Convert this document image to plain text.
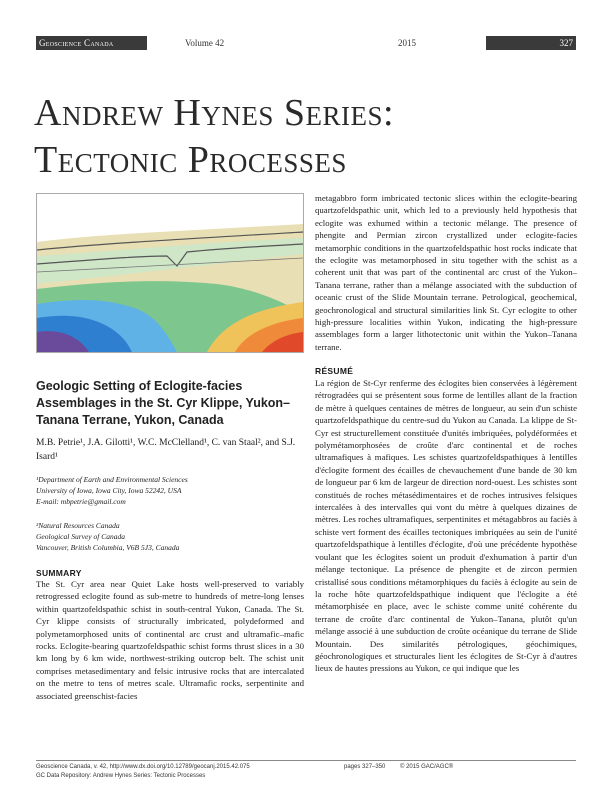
Geoscience Canada	Volume 42	2015	327
Andrew Hynes Series:
Tectonic Processes
Geologic Setting of Eclogite-facies Assemblages in the St. Cyr Klippe, Yukon–Tanana Terrane, Yukon, Canada
M.B. Petrie¹, J.A. Gilotti¹, W.C. McClelland¹, C. van Staal², and S.J. Isard¹
¹Department of Earth and Environmental Sciences
University of Iowa, Iowa City, Iowa 52242, USA
E-mail: mbpetrie@gmail.com
²Natural Resources Canada
Geological Survey of Canada
Vancouver, British Columbia, V6B 5J3, Canada
SUMMARY
The St. Cyr area near Quiet Lake hosts well-preserved to variably retrogressed eclogite found as sub-metre to hundreds of metre-long lenses within quartzofeldspathic schist in south-central Yukon, Canada. The St. Cyr klippe consists of structurally imbricated, polydeformed and polymetamorphosed units of continental arc crust and ultramafic–mafic rocks. Eclogite-bearing quartzofeldspathic schist forms thrust slices in a 30 km long by 6 km wide, northwest-striking outcrop belt. The schist unit comprises metasedimentary and felsic intrusive rocks that are intercalated on the metre to tens of metres scale. Ultramafic rocks, serpentinite and associated greenschist-facies
metagabbro form imbricated tectonic slices within the eclogite-bearing quartzofeldspathic unit, which led to a previously held hypothesis that eclogite was exhumed within a tectonic mélange. The presence of phengite and Permian zircon crystallized under eclogite-facies metamorphic conditions in the quartzofeldspathic host rocks indicate that the eclogite was metamorphosed in situ together with the schist as a coherent unit that was part of the continental arc crust of the Yukon–Tanana terrane, rather than a mélange associated with the subduction of oceanic crust of the Slide Mountain terrane. Petrological, geochemical, geochronological and structural similarities link St. Cyr eclogite to other high-pressure localities within Yukon, indicating the high-pressure assemblages form a larger lithotectonic unit within the Yukon–Tanana terrane.
RÉSUMÉ
La région de St-Cyr renferme des éclogites bien conservées à légèrement rétrogradées qui se présentent sous forme de lentilles allant de la fraction de mètre à quelques centaines de mètres de longueur, au sein d'un schiste quartzofeldspathique du centre-sud du Yukon au Canada. La klippe de St-Cyr est structurellement constituée d'unités imbriquées, polydéformées et polymétamorphosées de croûte d'arc continental et de roches ultramafiques à mafiques. Les schistes quartzofeldspathiques à lentilles d'éclogite forment des écailles de chevauchement d'une bande de 30 km de longueur par 6 km de largeur de direction nord-ouest. Les schistes sont constitués de roches métasédimentaires et de roches intrusives felsiques intercalées à des intervalles qui vont du mètre à quelques dizaines de mètres. Les roches ultramafiques, serpentinites et métagabbros au faciès à schiste vert forment des écailles tectoniques imbriquées au sein de l'unité quartzofeldspathique à lentilles d'éclogite, d'où une précédente hypothèse voulant que les éclogites soient un produit d'exhumation à partir d'un mélange tectonique. La présence de phengite et de zircon permien cristallisé sous conditions métamorphiques du faciès à éclogite au sein de la roche hôte quartzofeldspathique indiquent que l'éclogite a été métamorphisée en place, avec le schiste comme unité cohérente du terrane de croûte d'arc continental de Yukon–Tanana, plutôt qu'un mélange associé à une subduction de croûte océanique du terrane de Slide Mountain. Des similarités pétrologiques, géochimiques, géochronologiques et structurales lient les éclogites de St-Cyr à d'autres lieux de hautes pressions au Yukon, ce qui indique que les
Geoscience Canada, v. 42, http://www.dx.doi.org/10.12789/geocanj.2015.42.075	pages 327–350 © 2015 GAC/AGC®
GC Data Repository: Andrew Hynes Series: Tectonic Processes
